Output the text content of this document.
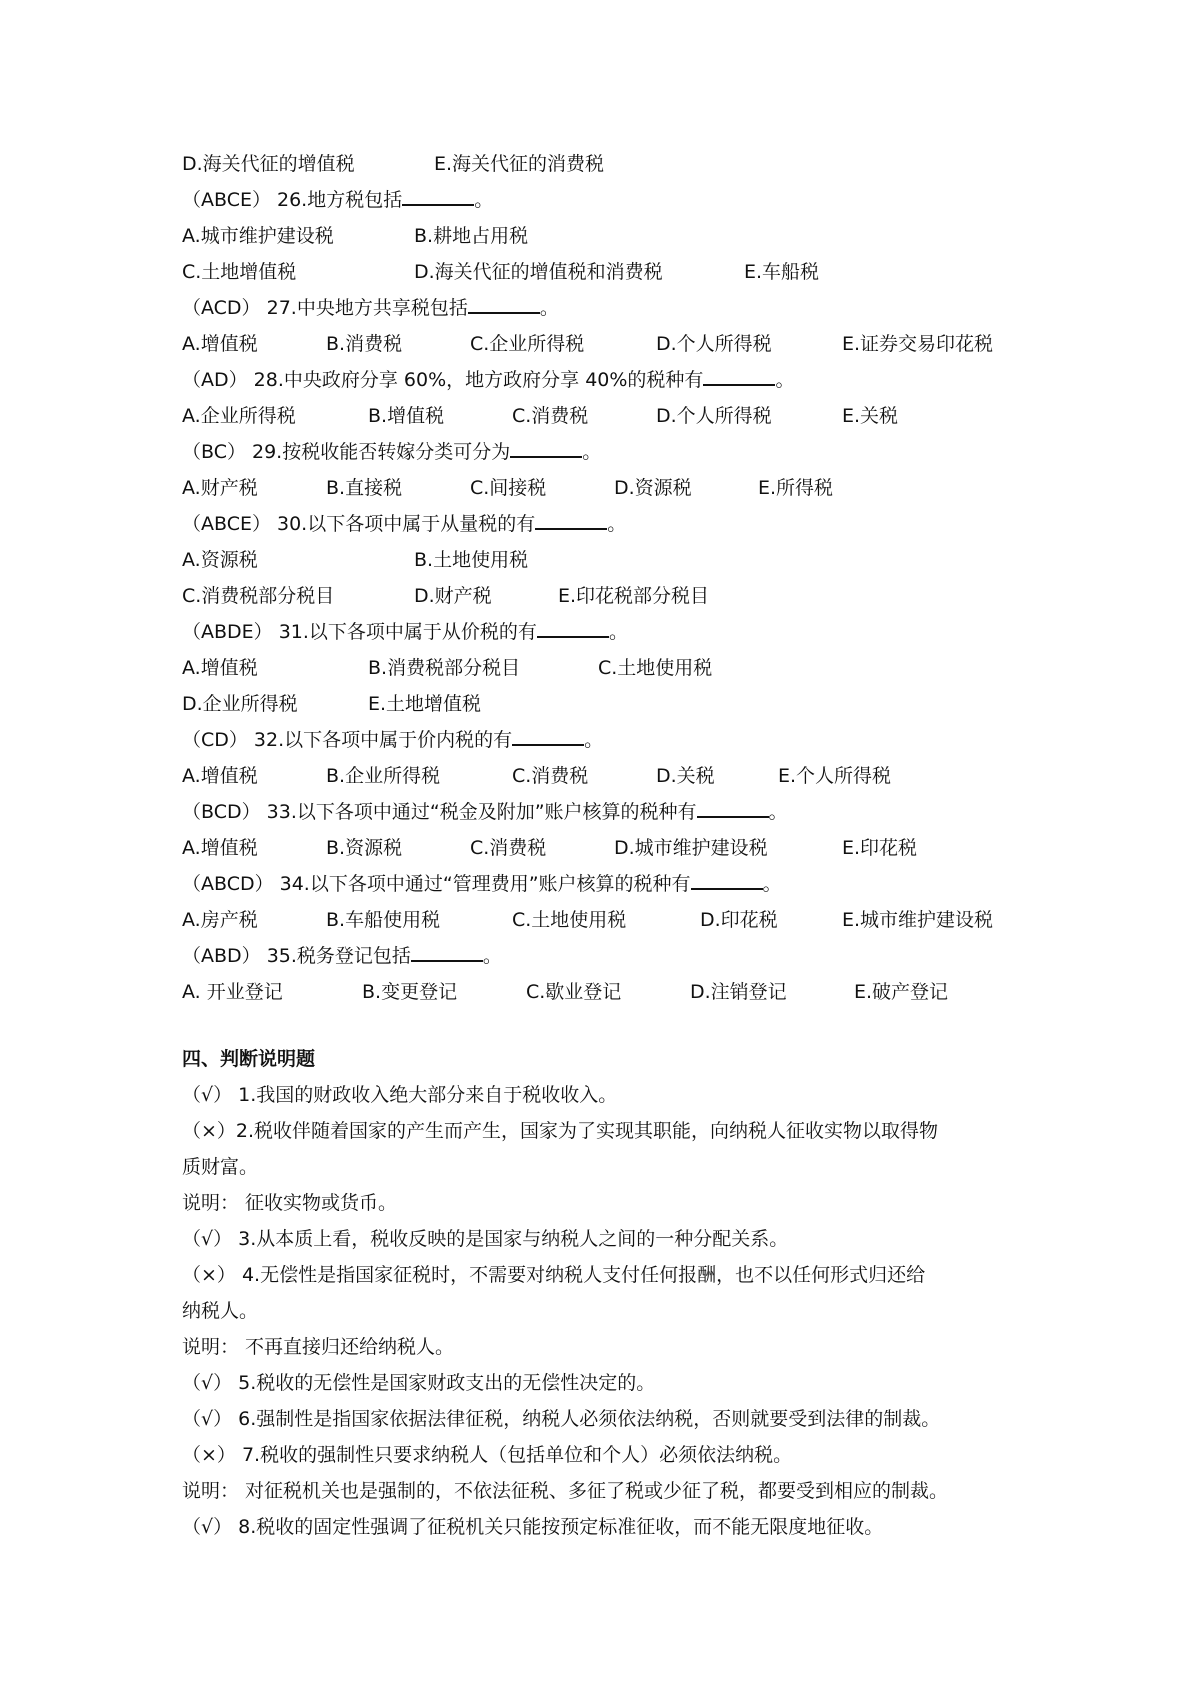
D.海关代征的增值税	E.海关代征的消费税
（ABCE） 26.地方税包括	。
A.城市维护建设税	B.耕地占用税
C.土地增值税	D.海关代征的增值税和消费税	E.车船税
（ACD） 27.中央地方共享税包括	。
A.增值税	B.消费税	C.企业所得税	D.个人所得税	E.证券交易印花税
（AD） 28.中央政府分享 60%，地方政府分享 40%的税种有	。
A.企业所得税	B.增值税	C.消费税	D.个人所得税	E.关税
（BC） 29.按税收能否转嫁分类可分为	。
A.财产税	B.直接税	C.间接税	D.资源税	E.所得税
（ABCE） 30.以下各项中属于从量税的有	。
A.资源税	B.土地使用税
C.消费税部分税目	D.财产税	E.印花税部分税目
（ABDE） 31.以下各项中属于从价税的有	。
A.增值税	B.消费税部分税目	C.土地使用税
D.企业所得税	E.土地增值税
（CD） 32.以下各项中属于价内税的有	。
A.增值税	B.企业所得税	C.消费税	D.关税	E.个人所得税
（BCD） 33.以下各项中通过“税金及附加”账户核算的税种有	。
A.增值税	B.资源税	C.消费税	D.城市维护建设税	E.印花税
（ABCD） 34.以下各项中通过“管理费用”账户核算的税种有	。
A.房产税	B.车船使用税	C.土地使用税	D.印花税	E.城市维护建设税
（ABD） 35.税务登记包括	。
A. 开业登记	B.变更登记	C.歇业登记	D.注销登记	E.破产登记
四、判断说明题
（√） 1.我国的财政收入绝大部分来自于税收收入。
（×）2.税收伴随着国家的产生而产生，国家为了实现其职能，向纳税人征收实物以取得物
质财富。
说明： 征收实物或货币。
（√） 3.从本质上看，税收反映的是国家与纳税人之间的一种分配关系。
（×） 4.无偿性是指国家征税时，不需要对纳税人支付任何报酬，也不以任何形式归还给
纳税人。
说明： 不再直接归还给纳税人。
（√） 5.税收的无偿性是国家财政支出的无偿性决定的。
（√） 6.强制性是指国家依据法律征税，纳税人必须依法纳税，否则就要受到法律的制裁。
（×） 7.税收的强制性只要求纳税人（包括单位和个人）必须依法纳税。
说明： 对征税机关也是强制的，不依法征税、多征了税或少征了税，都要受到相应的制裁。
（√） 8.税收的固定性强调了征税机关只能按预定标准征收，而不能无限度地征收。
